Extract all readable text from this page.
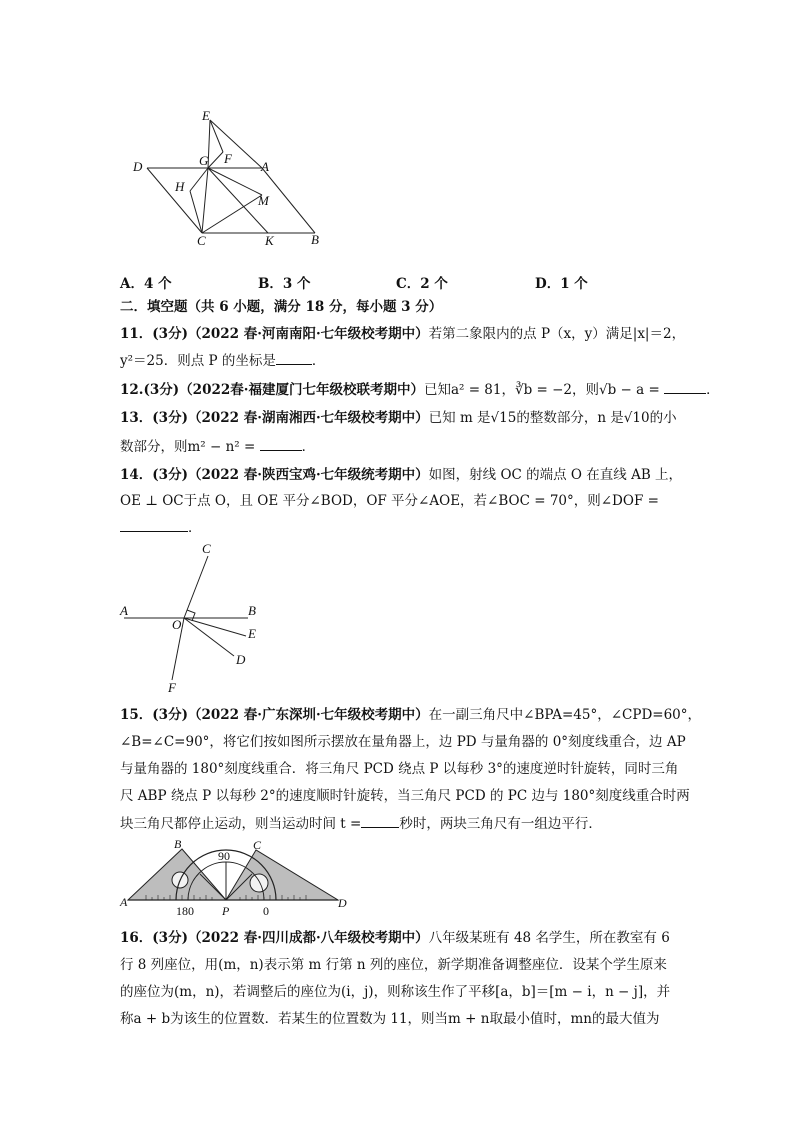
E
D	G F
A
H
M
C	K	B
A．4 个	B．3 个	C．2 个	D．1 个
二．填空题（共 6 小题，满分 18 分，每小题 3 分）
11．(3分)（2022 春·河南南阳·七年级校考期中）若第二象限内的点 P（x，y）满足|x|＝2，
y²＝25．则点 P 的坐标是	．
12.(3分)（2022春·福建厦门七年级校联考期中）已知a² = 81，∛b = −2，则√b − a =	．
13．(3分)（2022 春·湖南湘西·七年级校考期中）已知 m 是√15的整数部分，n 是√10的小
数部分，则m² − n² =	．
14．(3分)（2022 春·陕西宝鸡·七年级统考期中）如图，射线 OC 的端点 O 在直线 AB 上，
OE ⊥ OC于点 O，且 OE 平分∠BOD，OF 平分∠AOE，若∠BOC = 70°，则∠DOF =
．
C
A
O
B
E
D
F
15．(3分)（2022 春·广东深圳·七年级校考期中）在一副三角尺中∠BPA=45°，∠CPD=60°，
∠B=∠C=90°，将它们按如图所示摆放在量角器上，边 PD 与量角器的 0°刻度线重合，边 AP
与量角器的 180°刻度线重合．将三角尺 PCD 绕点 P 以每秒 3°的速度逆时针旋转，同时三角
尺 ABP 绕点 P 以每秒 2°的速度顺时针旋转，当三角尺 PCD 的 PC 边与 180°刻度线重合时两
块三角尺都停止运动，则当运动时间 t =	秒时，两块三角尺有一组边平行．
B	C
90
A	D
180 P	0
16．(3分)（2022 春·四川成都·八年级校考期中）八年级某班有 48 名学生，所在教室有 6
行 8 列座位，用(m，n)表示第 m 行第 n 列的座位，新学期准备调整座位．设某个学生原来
的座位为(m，n)，若调整后的座位为(i，j)，则称该生作了平移[a，b]＝[m − i，n − j]，并
称a + b为该生的位置数．若某生的位置数为 11，则当m + n取最小值时，mn的最大值为
